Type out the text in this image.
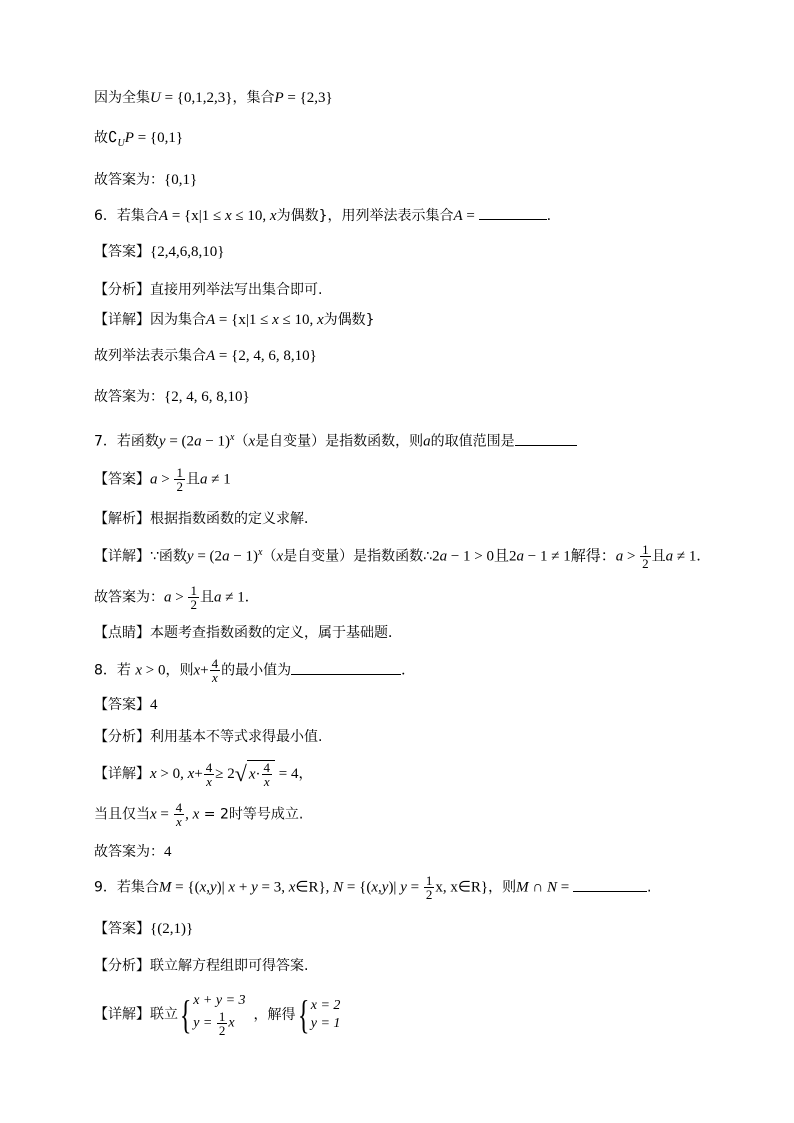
因为全集U = {0,1,2,3}，集合P = {2,3}
故$∁_UP = \{0,1\}$
故答案为：{0,1}
6．若集合A = {x|1 ≤ x ≤ 10, x为偶数}，用列举法表示集合A =	.
【答案】{2,4,6,8,10}
【分析】直接用列举法写出集合即可.
【详解】因为集合A = {x|1 ≤ x ≤ 10, x为偶数}
故列举法表示集合A = {2, 4, 6, 8,10}
故答案为：{2, 4, 6, 8,10}
7．若函数$y = (2a - 1)^x(x$是自变量）是指数函数，则a的取值范围是
【答案】$a > \frac{1}{2}$ 且a ≠ 1
【解析】根据指数函数的定义求解．
【详解】∵函数$y = (2a - 1)^x(x$是自变量）是指数函数∴2a − 1 > 0且2a − 1 ≠ 1解得：$a > \frac{1}{2}$ 且a ≠ 1．
故答案为：$a > \frac{1}{2}$ 且a ≠ 1．
【点睛】本题考查指数函数的定义，属于基础题．
8．若 x > 0，则$x+ \frac{4}{x}$ 的最小值为	．
【答案】4
【分析】利用基本不等式求得最小值.
【详解】x > 0, $x+ \frac{4}{x} \ge 2√$ $x\cdot \frac{4}{x} = 4$，
当且仅当$x = \frac{4}{x}$ , x = 2时等号成立.
故答案为：4
9．若集合M = {(x,y)| x + y = 3, x∈R}, N = {(x,y)| $y = \frac{1}{2} x$, x∈R}，则M ∩ N =	.
【答案】{(2,1)}
【分析】联立解方程组即可得答案.
【详解】联立{ x + y = 3
$y = \frac{1}{2}$ x
，解得{ x = 2
y = 1
